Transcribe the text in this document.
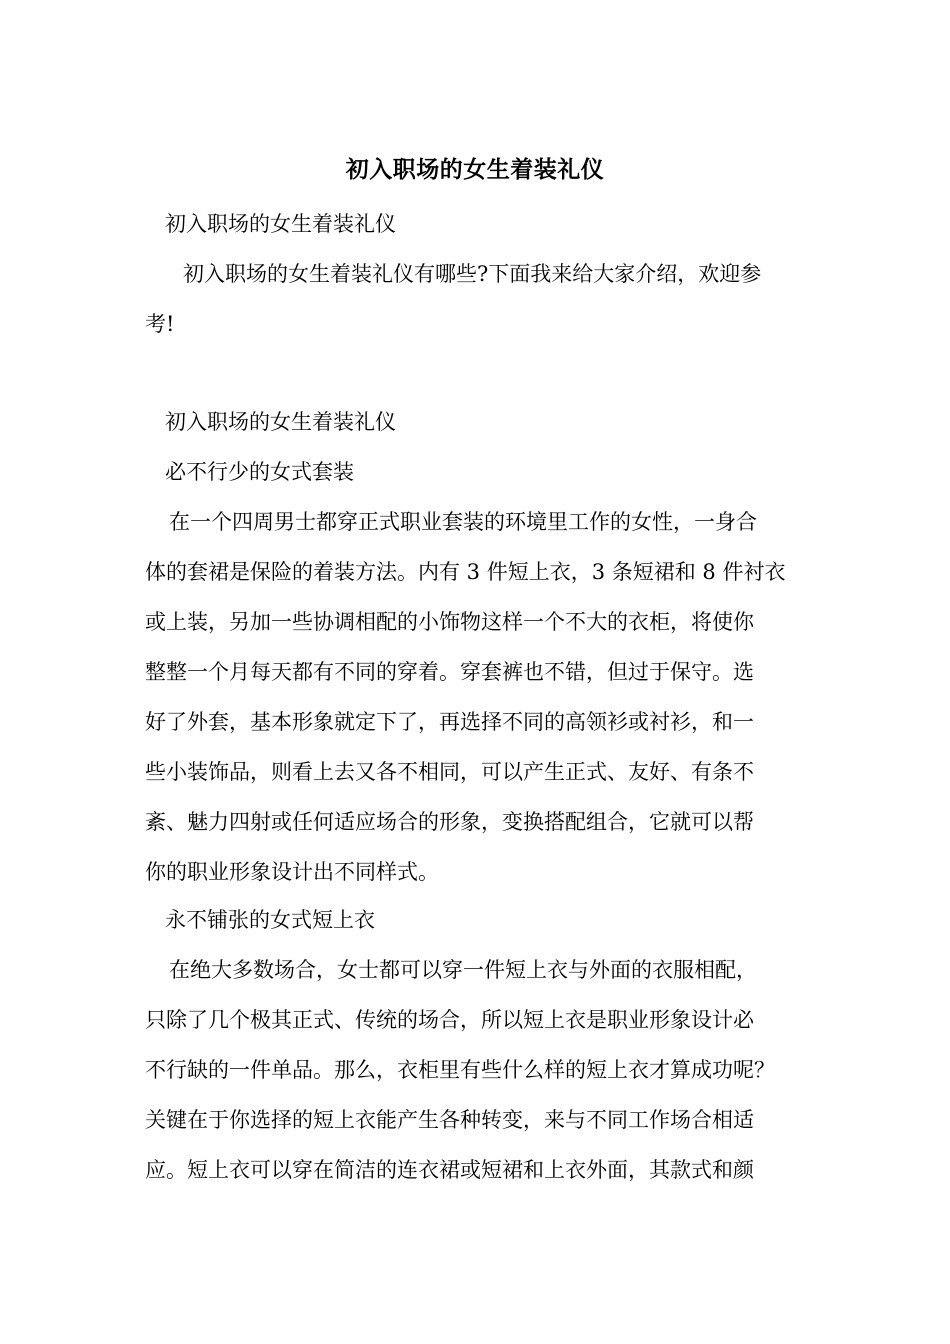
初入职场的女生着装礼仪
初入职场的女生着装礼仪
初入职场的女生着装礼仪有哪些?下面我来给大家介绍，欢迎参
考!
初入职场的女生着装礼仪
必不行少的女式套装
在一个四周男士都穿正式职业套装的环境里工作的女性，一身合
体的套裙是保险的着装方法。内有 3 件短上衣，3 条短裙和 8 件衬衣
或上装，另加一些协调相配的小饰物这样一个不大的衣柜，将使你
整整一个月每天都有不同的穿着。穿套裤也不错，但过于保守。选
好了外套，基本形象就定下了，再选择不同的高领衫或衬衫，和一
些小装饰品，则看上去又各不相同，可以产生正式、友好、有条不
紊、魅力四射或任何适应场合的形象，变换搭配组合，它就可以帮
你的职业形象设计出不同样式。
永不铺张的女式短上衣
在绝大多数场合，女士都可以穿一件短上衣与外面的衣服相配，
只除了几个极其正式、传统的场合，所以短上衣是职业形象设计必
不行缺的一件单品。那么，衣柜里有些什么样的短上衣才算成功呢？
关键在于你选择的短上衣能产生各种转变，来与不同工作场合相适
应。短上衣可以穿在简洁的连衣裙或短裙和上衣外面，其款式和颜
